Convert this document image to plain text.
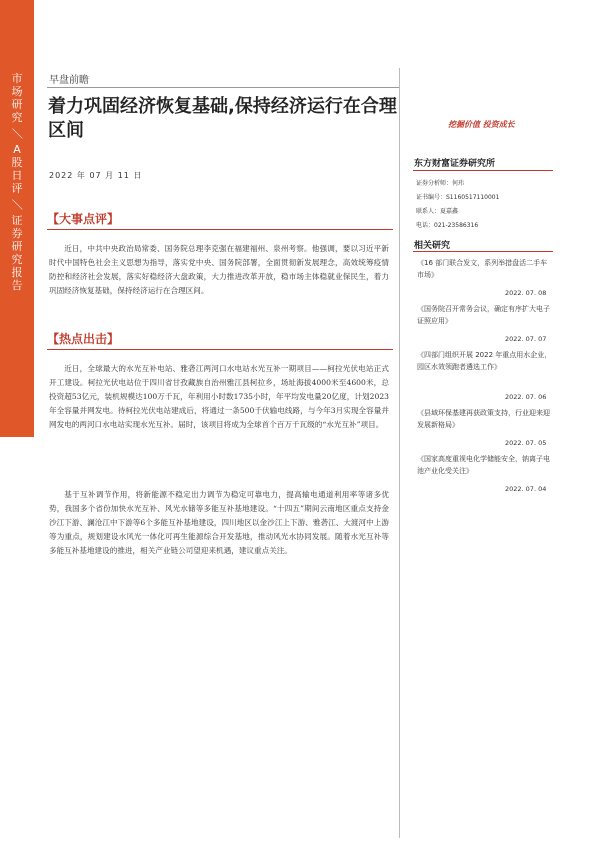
市场研究
／
A股日评
／
证券研究报告
早盘前瞻
着力巩固经济恢复基础,保持经济运行在合理区间
2022 年 07 月 11 日
【大事点评】
近日，中共中央政治局常委、国务院总理李克强在福建福州、泉州考察。他强调，要以习近平新时代中国特色社会主义思想为指导，落实党中央、国务院部署，全面贯彻新发展理念，高效统筹疫情防控和经济社会发展，落实好稳经济大盘政策，大力推进改革开放，稳市场主体稳就业保民生，着力巩固经济恢复基础，保持经济运行在合理区间。
【热点出击】
近日，全球最大的水光互补电站、雅砻江两河口水电站水光互补一期项目——柯拉光伏电站正式开工建设。柯拉光伏电站位于四川省甘孜藏族自治州雅江县柯拉乡，场址海拔4000米至4600米，总投资超53亿元，装机规模达100万千瓦，年利用小时数1735小时，年平均发电量20亿度，计划2023年全容量并网发电。待柯拉光伏电站建成后，将通过一条500千伏输电线路，与今年3月实现全容量并网发电的两河口水电站实现水光互补。届时，该项目将成为全球首个百万千瓦级的“水光互补”项目。
基于互补调节作用，将新能源不稳定出力调节为稳定可靠电力，提高输电通道利用率等诸多优势，我国多个省份加快水光互补、风光水储等多能互补基地建设。“十四五”期间云南地区重点支持金沙江下游、澜沧江中下游等6个多能互补基地建设，四川地区以金沙江上下游、雅砻江、大渡河中上游等为重点，规划建设水风光一体化可再生能源综合开发基地，推动风光水协同发展。随着水光互补等多能互补基地建设的推进，相关产业链公司望迎来机遇，建议重点关注。
挖掘价值 投资成长
东方财富证券研究所
证券分析师：何玮
证书编号：S1160517110001
联系人：夏嘉鑫
电话：021-23586316
相关研究
《16 部门联合发文，系列举措盘活二手车市场》
2022. 07. 08
《国务院召开常务会议，确定有序扩大电子证照应用》
2022. 07. 07
《四部门组织开展 2022 年重点用水企业，园区水效领跑者遴选工作》
2022. 07. 06
《县域环保基建再获政策支持，行业迎来迎发展新格局》
2022. 07. 05
《国家高度重视电化学储能安全，钠离子电池产业化受关注》
2022. 07. 04
